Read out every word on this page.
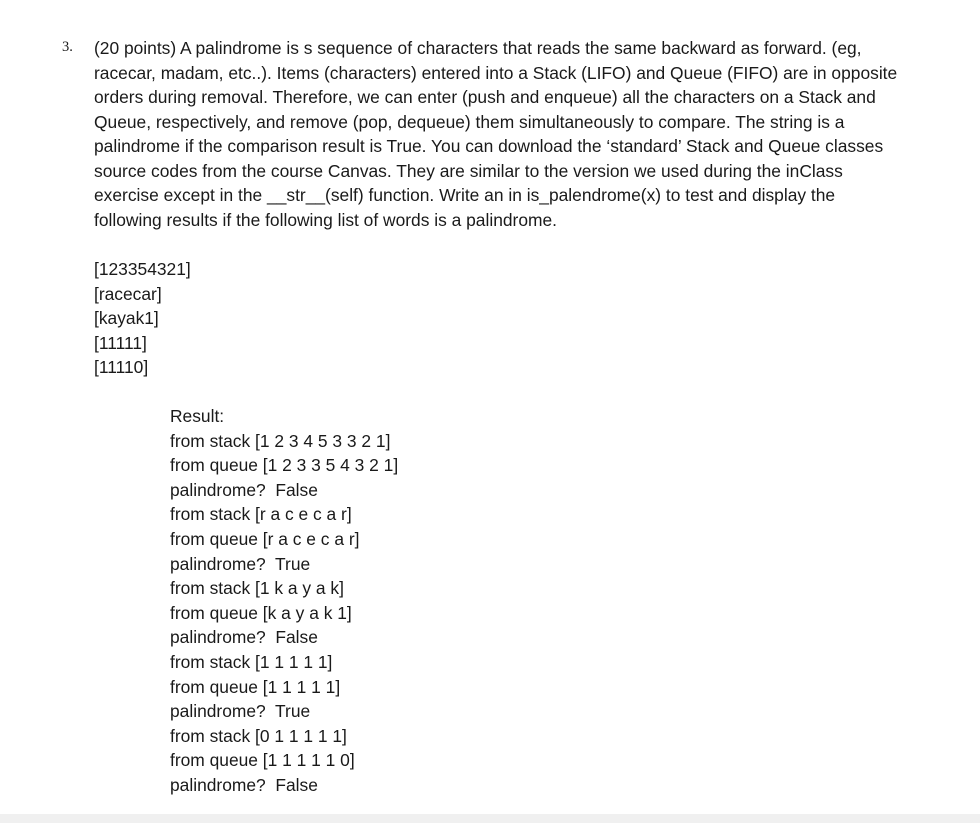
3. (20 points) A palindrome is s sequence of characters that reads the same backward as forward. (eg,
racecar, madam, etc..). Items (characters) entered into a Stack (LIFO) and Queue (FIFO) are in opposite
orders during removal. Therefore, we can enter (push and enqueue) all the characters on a Stack and
Queue, respectively, and remove (pop, dequeue) them simultaneously to compare. The string is a
palindrome if the comparison result is True. You can download the ‘standard’ Stack and Queue classes
source codes from the course Canvas. They are similar to the version we used during the inClass
exercise except in the __str__(self) function. Write an in is_palendrome(x) to test and display the
following results if the following list of words is a palindrome.
[123354321]
[racecar]
[kayak1]
[11111]
[11110]
Result:
from stack [1 2 3 4 5 3 3 2 1]
from queue [1 2 3 3 5 4 3 2 1]
palindrome?  False
from stack [r a c e c a r]
from queue [r a c e c a r]
palindrome?  True
from stack [1 k a y a k]
from queue [k a y a k 1]
palindrome?  False
from stack [1 1 1 1 1]
from queue [1 1 1 1 1]
palindrome?  True
from stack [0 1 1 1 1 1]
from queue [1 1 1 1 1 0]
palindrome?  False
